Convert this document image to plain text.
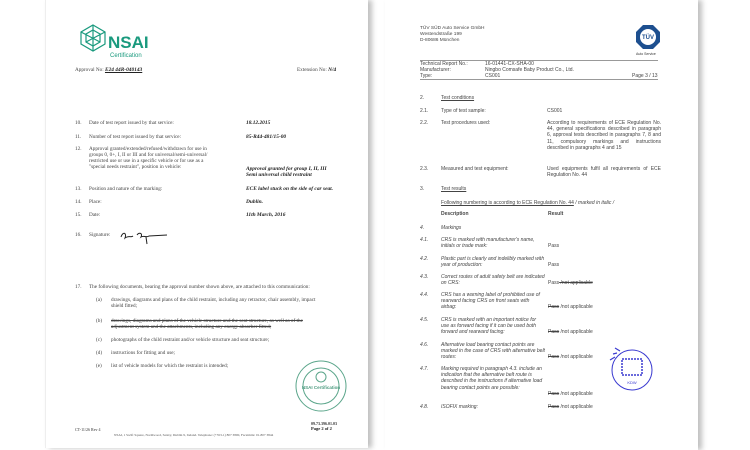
NSAI
Certification
Approval No: E24 44R-040143	Extension No: N/4
10. Date of test report issued by that service:	18.12.2015
11. Number of test report issued by that service:	85-R44-481/15-00
12. Approval granted/extended/refused/withdrawn for use in groups 0, 0+, I, II or III and for universal/semi-universal/ restricted use or use in a specific vehicle or for use as a "special needs restraint", position in vehicle:	Approval granted for group I, II, III
Semi universal child restraint
13. Position and nature of the marking:	ECE label stuck on the side of car seat.
14. Place:	Dublin.
15. Date:	11th March, 2016
16. Signature:
17. The following documents, bearing the approval number shown above, are attached to this communication:
(a) drawings, diagrams and plans of the child restraint, including any retractor, chair assembly, impact shield fitted;
(b) drawings, diagrams and plans of the vehicle structure and the seat structure, as well as of the adjustment system and the attachments, including any energy absorber fitted;
(c) photographs of the child restraint and/or vehicle structure and seat structure;
(d) instructions for fitting and use;
(e) list of vehicle models for which the restraint is intended;
NSAI Certification
09.73.396.01.03
Page 2 of 2
CT-11/26 Rev 4
NSAI, 1 Swift Square, Northwood, Santry, Dublin 9, Ireland. Telephone: (+353-1) 807 3800, Facsimile: 01-807 3844
TÜV SÜD Auto Service GmbH
Westendstraße 199
D-80686 München	TÜV
Auto Service
Technical Report No.:	16-01441-CX-SHA-00
Manufacturer:	Ningbo Comsafe Baby Product Co., Ltd.
Type:	CS001	Page 3 / 13
2.	Test conditions
2.1.	Type of test sample:	CS001
2.2.	Test procedures used:	According to requirements of ECE Regulation No. 44, general specifications described in paragraph 6, approval tests described in paragraphs 7, 8 and 11, compulsory markings and instructions described in paragraphs 4 and 15
2.3.	Measured and test equipment:	Used equipments fulfil all requirements of ECE Regulation No. 44
3.	Test results
Following numbering is according to ECE Regulation No. 44 / marked in italic /
Description	Result
4.	Markings
4.1.	CRS is marked with manufacturer's name, initials or trade mark:	Pass
4.2.	Plastic part is clearly and indelibly marked with year of production:	Pass
4.3.	Correct routes of adult safety belt are indicated on CRS:	Pass /not applicable
4.4.	CRS has a warning label of prohibited use of rearward facing CRS on front seats with airbag:	Pass /not applicable
4.5.	CRS is marked with an important notice for use as forward facing if it can be used both forward and rearward facing:	Pass /not applicable
4.6.	Alternative load bearing contact points are marked in the case of CRS with alternative belt routes:	Pass /not applicable
4.7.	Marking required in paragraph 4.3. include an indication that the alternative belt route is described in the instructions if alternative load bearing contact points are possible:
Pass /not applicable
4.8.	ISOFIX marking:	Pass /not applicable
KDW
